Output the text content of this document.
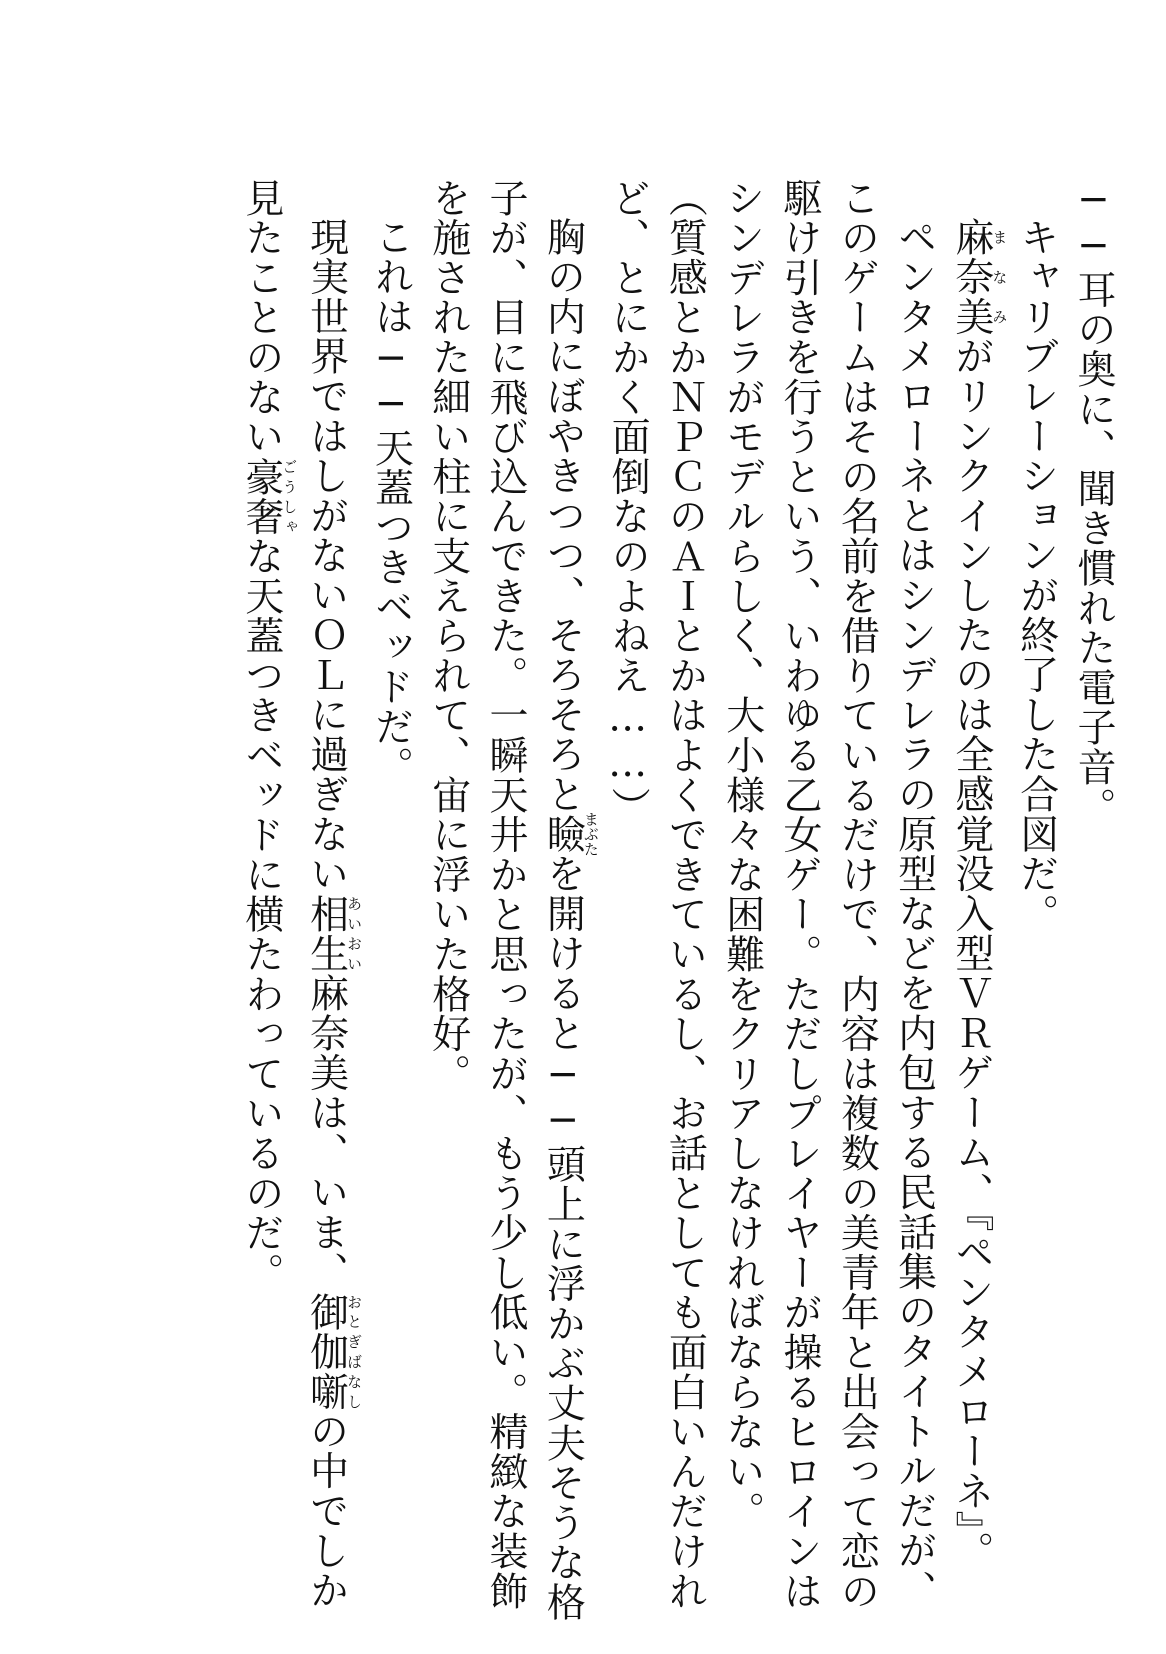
──耳の奥に、聞き慣れた電子音。

キャリブレーションが終了した合図だ。

麻奈美まなみがリンクインしたのは全感覚没入型ＶＲゲーム、『ペンタメローネ』。

ペンタメローネとはシンデレラの原型などを内包する民話集のタイトルだが、

このゲームはその名前を借りているだけで、内容は複数の美青年と出会って恋の

駆け引きを行うという、いわゆる乙女ゲー。ただしプレイヤーが操るヒロインは

シンデレラがモデルらしく、大小様々な困難をクリアしなければならない。

（質感とかＮＰＣのＡＩとかはよくできているし、お話としても面白いんだけれ

ど、とにかく面倒なのよねえ……）

胸の内にぼやきつつ、そろそろと瞼まぶたを開けると──頭上に浮かぶ丈夫そうな格

子が、目に飛び込んできた。一瞬天井かと思ったが、もう少し低い。精緻な装飾

を施された細い柱に支えられて、宙に浮いた格好。

これは──天蓋つきベッドだ。

現実世界ではしがないＯＬに過ぎない相生あいおい麻奈美は、いま、御伽噺おとぎばなしの中でしか

見たことのない豪奢ごうしゃな天蓋つきベッドに横たわっているのだ。
